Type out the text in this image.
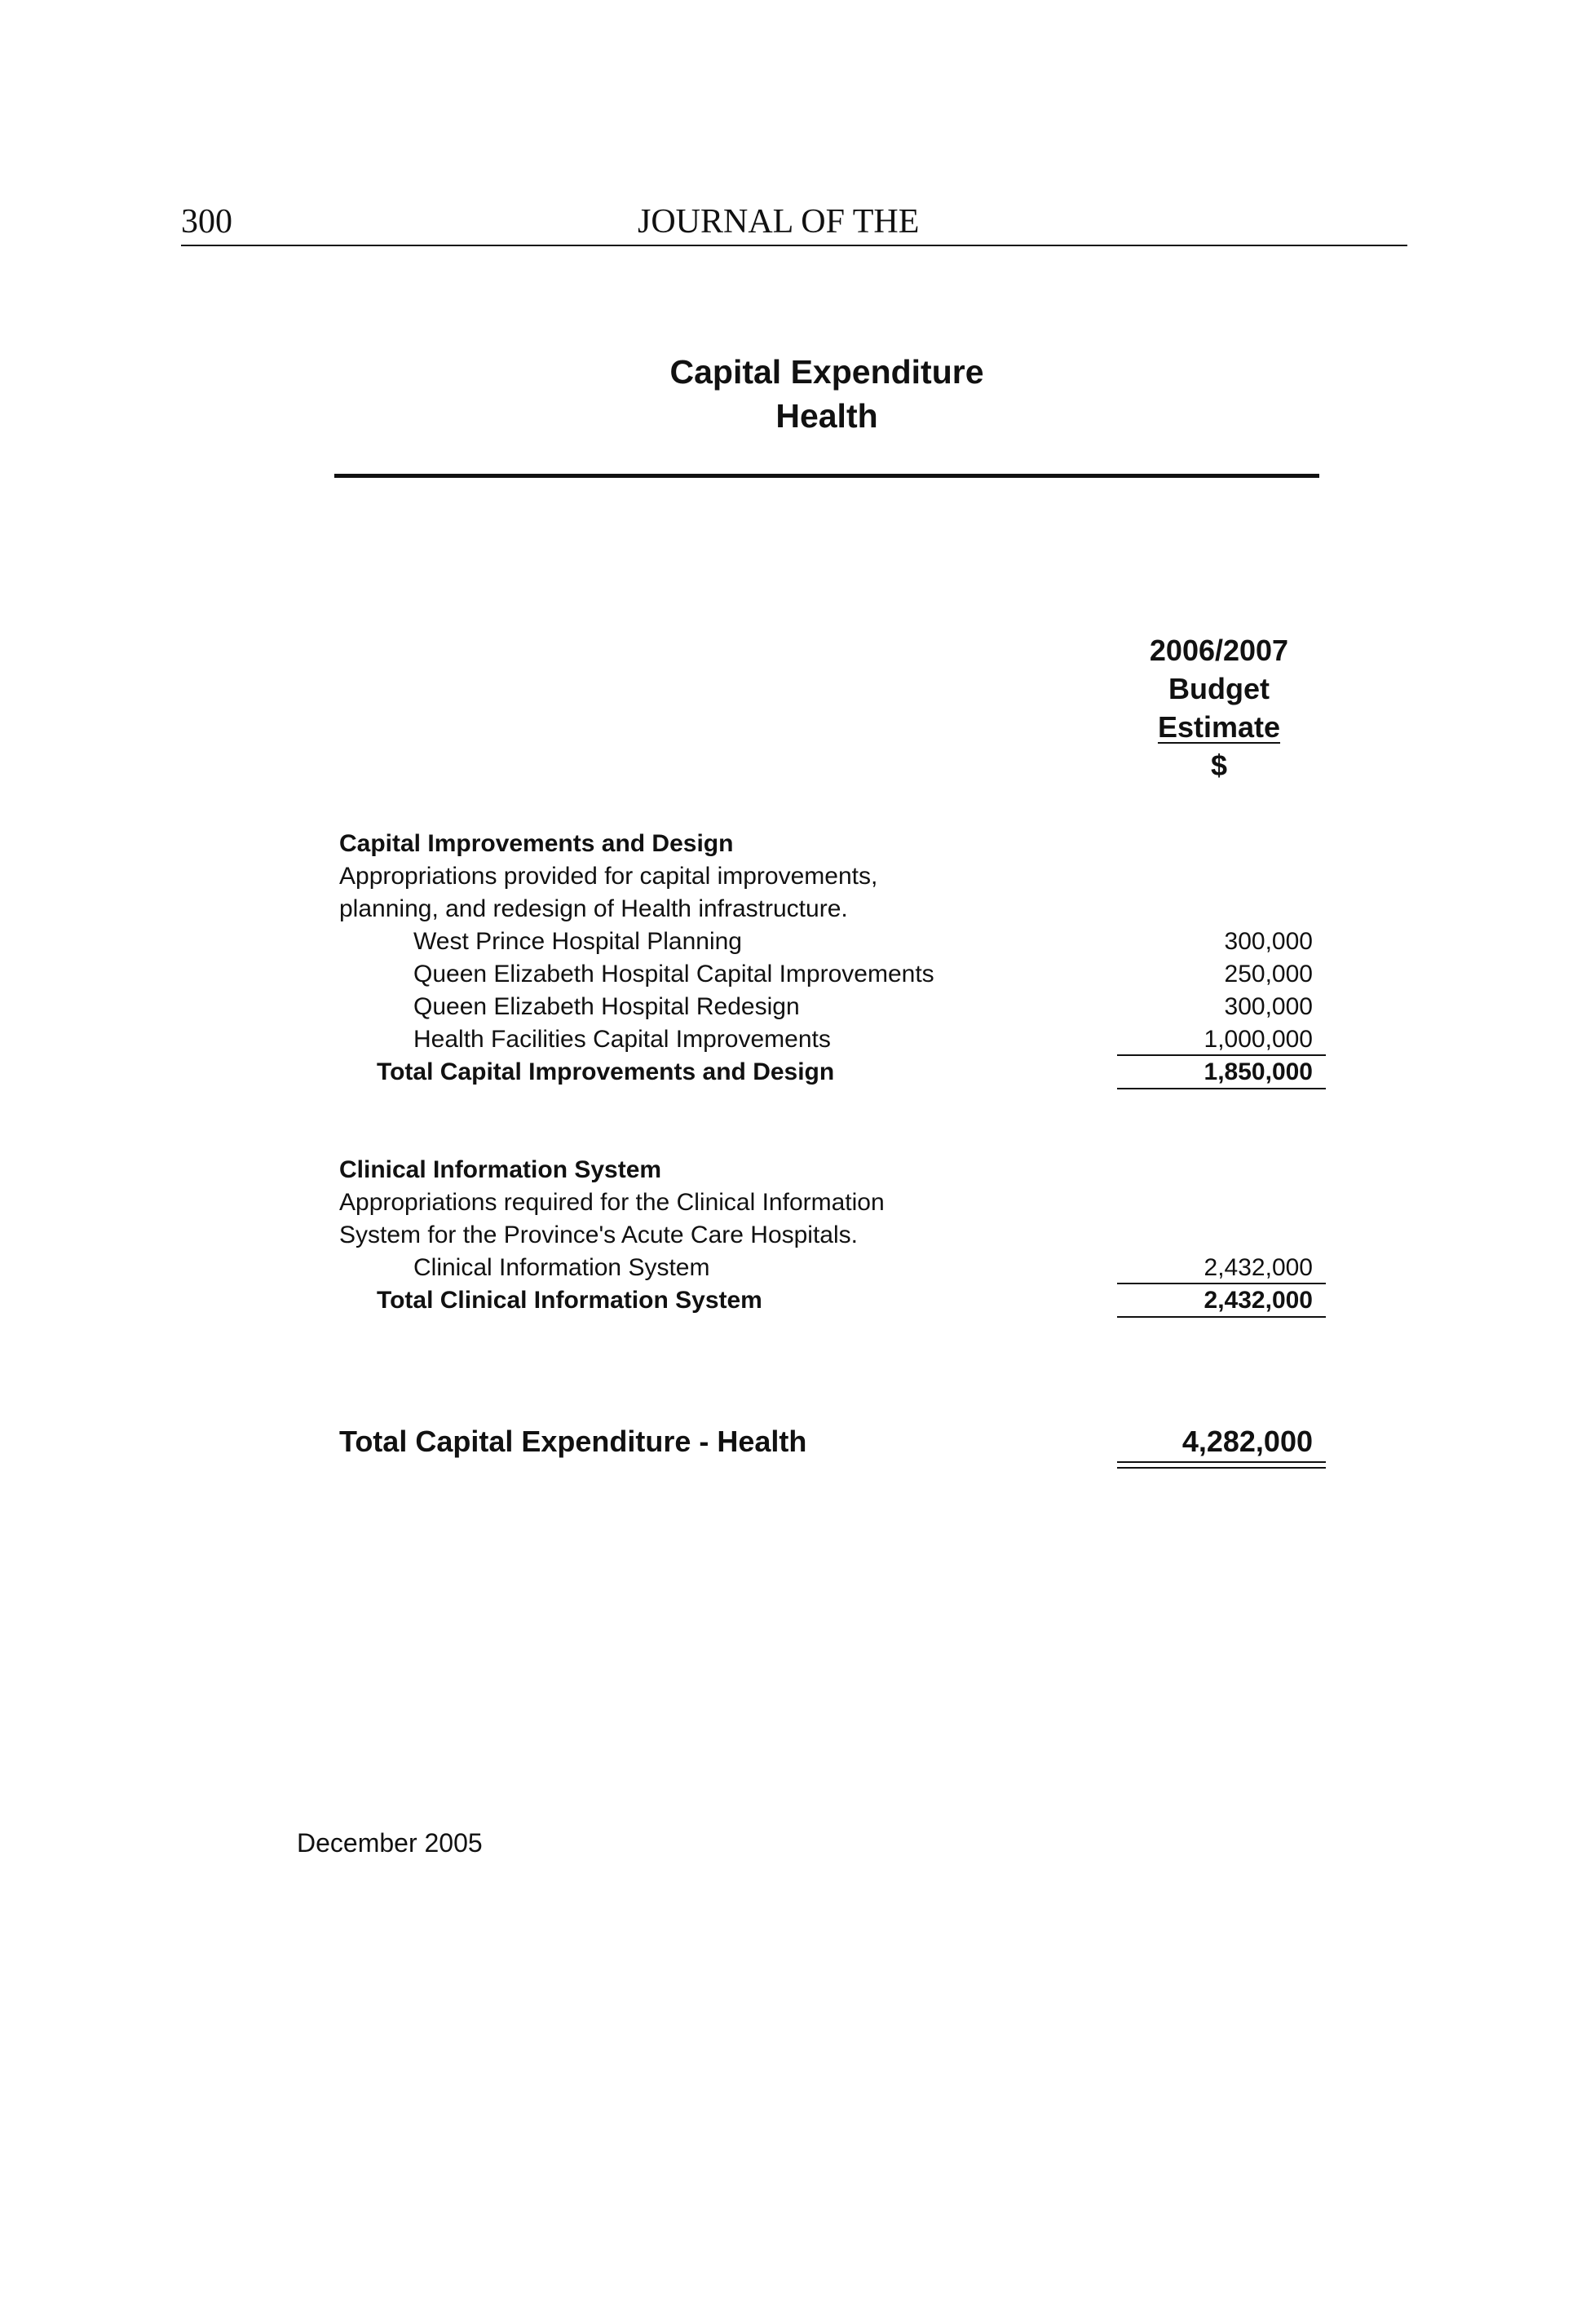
300	JOURNAL OF THE
Capital Expenditure
Health
2006/2007
Budget
Estimate
$
Capital Improvements and Design
Appropriations provided for capital improvements,
planning, and redesign of Health infrastructure.
West Prince Hospital Planning	300,000
Queen Elizabeth Hospital Capital Improvements	250,000
Queen Elizabeth Hospital Redesign	300,000
Health Facilities Capital Improvements	1,000,000
Total Capital Improvements and Design	1,850,000
Clinical Information System
Appropriations required for the Clinical Information
System for the Province's Acute Care Hospitals.
Clinical Information System	2,432,000
Total Clinical Information System	2,432,000
Total Capital Expenditure - Health	4,282,000
December 2005
